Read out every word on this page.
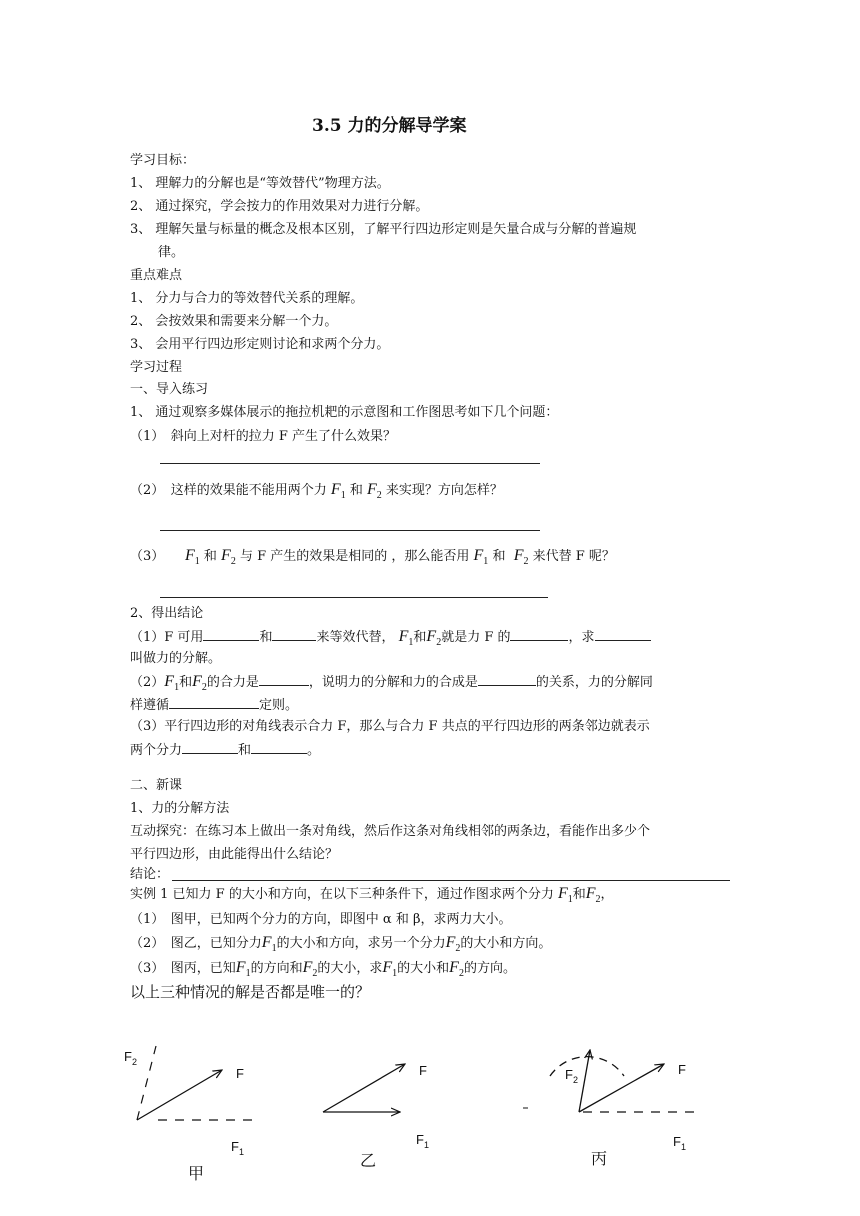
3.5 力的分解导学案
学习目标：
1、 理解力的分解也是“等效替代”物理方法。
2、 通过探究，学会按力的作用效果对力进行分解。
3、 理解矢量与标量的概念及根本区别，了解平行四边形定则是矢量合成与分解的普遍规
律。
重点难点
1、 分力与合力的等效替代关系的理解。
2、 会按效果和需要来分解一个力。
3、 会用平行四边形定则讨论和求两个分力。
学习过程
一、导入练习
1、 通过观察多媒体展示的拖拉机耙的示意图和工作图思考如下几个问题：
（1）　斜向上对杆的拉力 F 产生了什么效果？
（2）　这样的效果能不能用两个力 $F_1$ 和 $F_2$ 来实现？方向怎样？
（3） $F_1$ 和 $F_2$ 与 F 产生的效果是相同的 ，那么能否用 $F_1$ 和 $F_2$ 来代替 F 呢？
2、得出结论
（1）F 可用	和	来等效代替， $F_1$和$F_2$就是力 F 的	，求
叫做力的分解。
$(2)F_1$和$F_2$的合力是	，说明力的分解和力的合成是	的关系，力的分解同
样遵循	定则。
（3）平行四边形的对角线表示合力 F，那么与合力 F 共点的平行四边形的两条邻边就表示
两个分力	和	。
二、新课
1、力的分解方法
互动探究：在练习本上做出一条对角线，然后作这条对角线相邻的两条边，看能作出多少个
平行四边形，由此能得出什么结论？
结论：
实例 1 已知力 F 的大小和方向，在以下三种条件下，通过作图求两个分力 $F_1$和$F_2$，
（1）　图甲，已知两个分力的方向，即图中 α 和 β，求两力大小。
（2）　图乙，已知分力$F_1$的大小和方向，求另一个分力$F_2$的大小和方向。
（3）　图丙，已知$F_1$的方向和$F_2$的大小，求$F_1$的大小和$F_2$的方向。
以上三种情况的解是否都是唯一的？
$F_2$
F
$F_1$
甲
F
$F_1$
乙
$F_2$
F
$F_1$
丙
